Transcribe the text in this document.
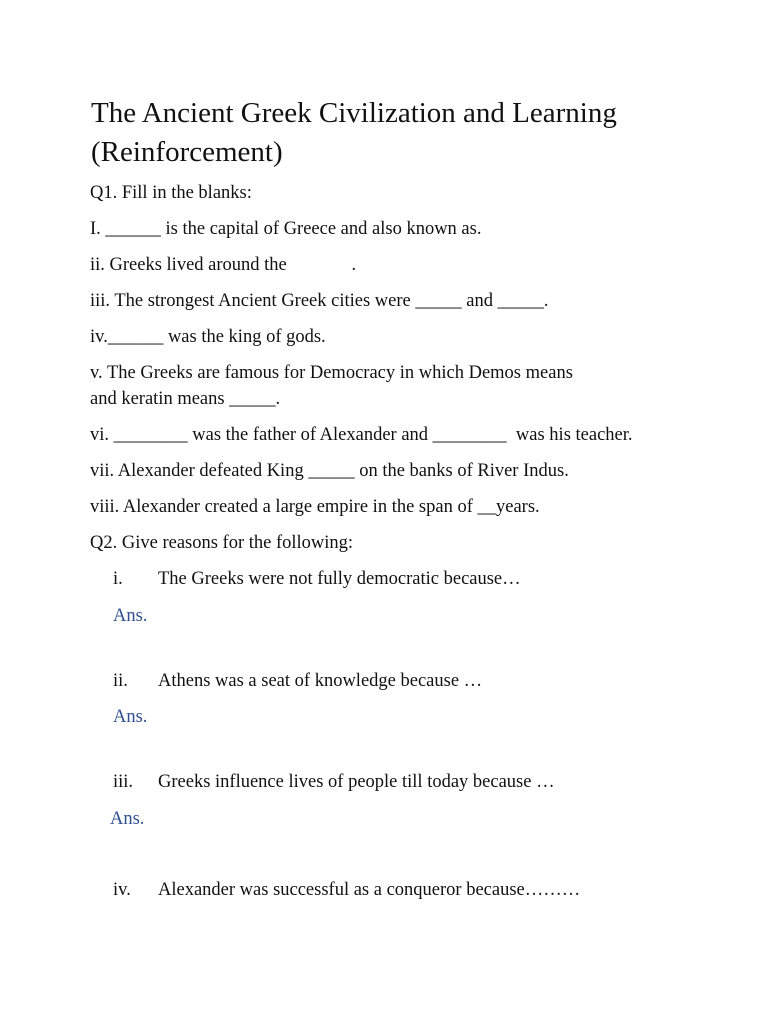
The Ancient Greek Civilization and Learning
(Reinforcement)
Q1. Fill in the blanks:
I. ______ is the capital of Greece and also known as.
ii. Greeks lived around the              .
iii. The strongest Ancient Greek cities were _____ and _____.
iv.______ was the king of gods.
v. The Greeks are famous for Democracy in which Demos means
and keratin means _____.
vi. ________ was the father of Alexander and ________  was his teacher.
vii. Alexander defeated King _____ on the banks of River Indus.
viii. Alexander created a large empire in the span of __years.
Q2. Give reasons for the following:
i. The Greeks were not fully democratic because…
Ans.
ii. Athens was a seat of knowledge because …
Ans.
iii. Greeks influence lives of people till today because …
Ans.
iv. Alexander was successful as a conqueror because………
